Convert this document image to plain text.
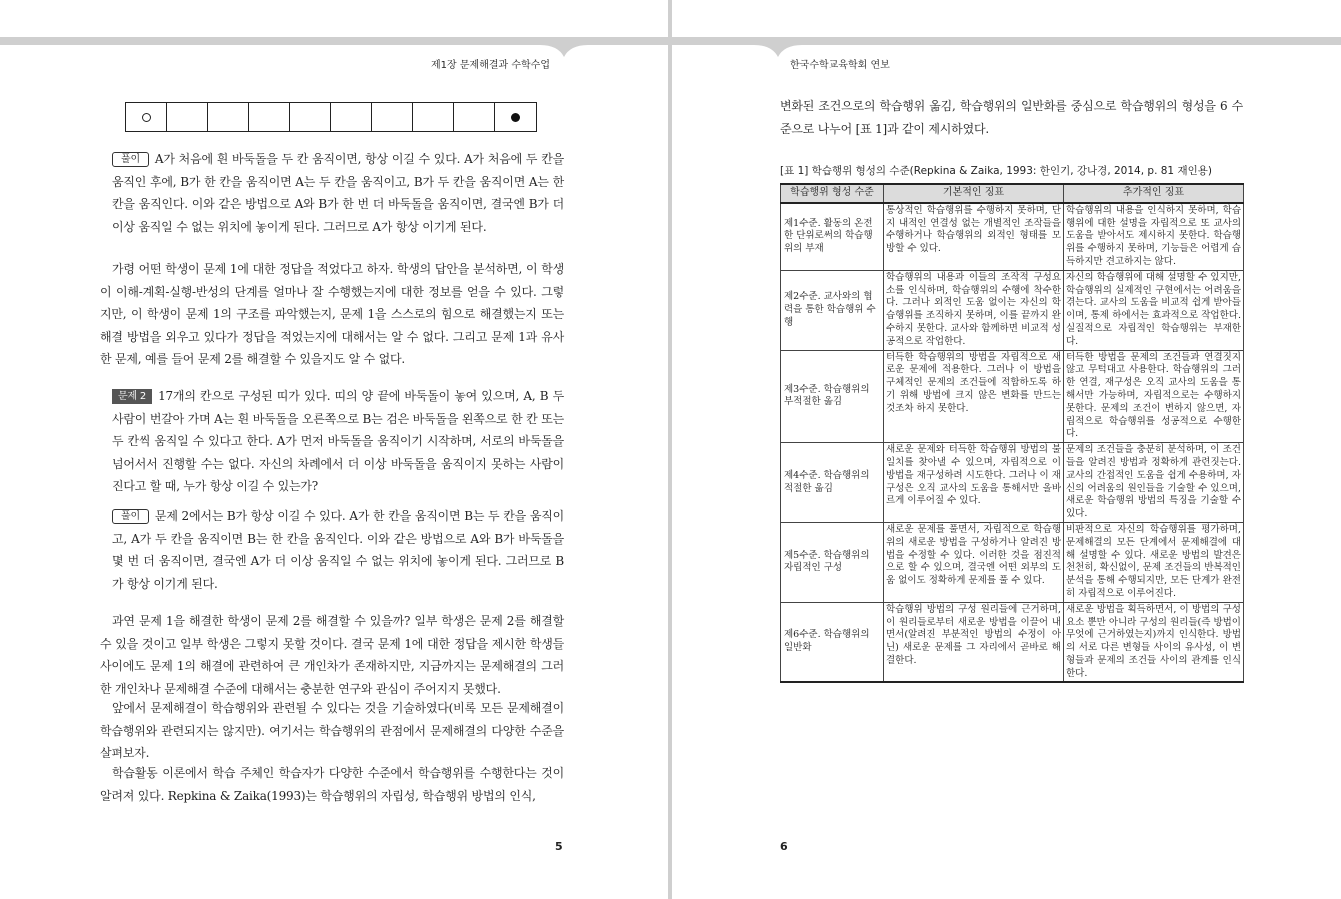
제1장 문제해결과 수학수업

풀이 A가 처음에 흰 바둑돌을 두 칸 움직이면, 항상 이길 수 있다. A가 처음에 두 칸을 움직인 후에, B가 한 칸을 움직이면 A는 두 칸을 움직이고, B가 두 칸을 움직이면 A는 한 칸을 움직인다. 이와 같은 방법으로 A와 B가 한 번 더 바둑돌을 움직이면, 결국엔 B가 더 이상 움직일 수 없는 위치에 놓이게 된다. 그러므로 A가 항상 이기게 된다.

가령 어떤 학생이 문제 1에 대한 정답을 적었다고 하자. 학생의 답안을 분석하면, 이 학생이 이해-계획-실행-반성의 단계를 얼마나 잘 수행했는지에 대한 정보를 얻을 수 있다. 그렇지만, 이 학생이 문제 1의 구조를 파악했는지, 문제 1을 스스로의 힘으로 해결했는지 또는 해결 방법을 외우고 있다가 정답을 적었는지에 대해서는 알 수 없다. 그리고 문제 1과 유사한 문제, 예를 들어 문제 2를 해결할 수 있을지도 알 수 없다.

문제 2 17개의 칸으로 구성된 띠가 있다. 띠의 양 끝에 바둑돌이 놓여 있으며, A, B 두 사람이 번갈아 가며 A는 흰 바둑돌을 오른쪽으로 B는 검은 바둑돌을 왼쪽으로 한 칸 또는 두 칸씩 움직일 수 있다고 한다. A가 먼저 바둑돌을 움직이기 시작하며, 서로의 바둑돌을 넘어서서 진행할 수는 없다. 자신의 차례에서 더 이상 바둑돌을 움직이지 못하는 사람이 진다고 할 때, 누가 항상 이길 수 있는가?

풀이 문제 2에서는 B가 항상 이길 수 있다. A가 한 칸을 움직이면 B는 두 칸을 움직이고, A가 두 칸을 움직이면 B는 한 칸을 움직인다. 이와 같은 방법으로 A와 B가 바둑돌을 몇 번 더 움직이면, 결국엔 A가 더 이상 움직일 수 없는 위치에 놓이게 된다. 그러므로 B가 항상 이기게 된다.

과연 문제 1을 해결한 학생이 문제 2를 해결할 수 있을까? 일부 학생은 문제 2를 해결할 수 있을 것이고 일부 학생은 그렇지 못할 것이다. 결국 문제 1에 대한 정답을 제시한 학생들 사이에도 문제 1의 해결에 관련하여 큰 개인차가 존재하지만, 지금까지는 문제해결의 그러한 개인차나 문제해결 수준에 대해서는 충분한 연구와 관심이 주어지지 못했다.

앞에서 문제해결이 학습행위와 관련될 수 있다는 것을 기술하였다(비록 모든 문제해결이 학습행위와 관련되지는 않지만). 여기서는 학습행위의 관점에서 문제해결의 다양한 수준을 살펴보자.

학습활동 이론에서 학습 주체인 학습자가 다양한 수준에서 학습행위를 수행한다는 것이 알려져 있다. Repkina & Zaika(1993)는 학습행위의 자립성, 학습행위 방법의 인식,

5
한국수학교육학회 연보

변화된 조건으로의 학습행위 옮김, 학습행위의 일반화를 중심으로 학습행위의 형성을 6 수준으로 나누어 [표 1]과 같이 제시하였다.

[표 1] 학습행위 형성의 수준(Repkina & Zaika, 1993: 한인기, 강나경, 2014, p. 81 재인용)
학습행위 형성 수준	기본적인 징표	추가적인 징표
제1수준. 활동의 온전한 단위로써의 학습행위의 부재	통상적인 학습행위를 수행하지 못하며, 단지 내적인 연결성 없는 개별적인 조작들을 수행하거나 학습행위의 외적인 형태를 모방할 수 있다.	학습행위의 내용을 인식하지 못하며, 학습행위에 대한 설명을 자립적으로 또 교사의 도움을 받아서도 제시하지 못한다. 학습행위를 수행하지 못하며, 기능들은 어렵게 습득하지만 견고하지는 않다.
제2수준. 교사와의 협력을 통한 학습행위 수행	학습행위의 내용과 이들의 조작적 구성요소를 인식하며, 학습행위의 수행에 착수한다. 그러나 외적인 도움 없이는 자신의 학습행위를 조직하지 못하며, 이를 끝까지 완수하지 못한다. 교사와 함께하면 비교적 성공적으로 작업한다.	자신의 학습행위에 대해 설명할 수 있지만, 학습행위의 실제적인 구현에서는 어려움을 겪는다. 교사의 도움을 비교적 쉽게 받아들이며, 통제 하에서는 효과적으로 작업한다. 실질적으로 자립적인 학습행위는 부재한다.
제3수준. 학습행위의 부적절한 옮김	터득한 학습행위의 방법을 자립적으로 새로운 문제에 적용한다. 그러나 이 방법을 구체적인 문제의 조건들에 적합하도록 하기 위해 방법에 크지 않은 변화를 만드는 것조차 하지 못한다.	터득한 방법을 문제의 조건들과 연결짓지 않고 무턱대고 사용한다. 학습행위의 그러한 연결, 재구성은 오직 교사의 도움을 통해서만 가능하며, 자립적으로는 수행하지 못한다. 문제의 조건이 변하지 않으면, 자립적으로 학습행위를 성공적으로 수행한다.
제4수준. 학습행위의 적절한 옮김	새로운 문제와 터득한 학습행위 방법의 불일치를 찾아낼 수 있으며, 자립적으로 이 방법을 재구성하려 시도한다. 그러나 이 재구성은 오직 교사의 도움을 통해서만 올바르게 이루어질 수 있다.	문제의 조건들을 충분히 분석하며, 이 조건들을 알려진 방법과 정확하게 관련짓는다. 교사의 간접적인 도움을 쉽게 수용하며, 자신의 어려움의 원인들을 기술할 수 있으며, 새로운 학습행위 방법의 특징을 기술할 수 있다.
제5수준. 학습행위의 자립적인 구성	새로운 문제를 풀면서, 자립적으로 학습행위의 새로운 방법을 구성하거나 알려진 방법을 수정할 수 있다. 이러한 것을 점진적으로 할 수 있으며, 결국엔 어떤 외부의 도움 없이도 정확하게 문제를 풀 수 있다.	비판적으로 자신의 학습행위를 평가하며, 문제해결의 모든 단계에서 문제해결에 대해 설명할 수 있다. 새로운 방법의 발견은 천천히, 확신없이, 문제 조건들의 반복적인 분석을 통해 수행되지만, 모든 단계가 완전히 자립적으로 이루어진다.
제6수준. 학습행위의 일반화	학습행위 방법의 구성 원리들에 근거하며, 이 원리들로부터 새로운 방법을 이끌어 내면서(알려진 부분적인 방법의 수정이 아닌) 새로운 문제를 그 자리에서 곧바로 해결한다.	새로운 방법을 획득하면서, 이 방법의 구성요소 뿐만 아니라 구성의 원리들(즉 방법이 무엇에 근거하였는지)까지 인식한다. 방법의 서로 다른 변형들 사이의 유사성, 이 변형들과 문제의 조건들 사이의 관계를 인식한다.
6
